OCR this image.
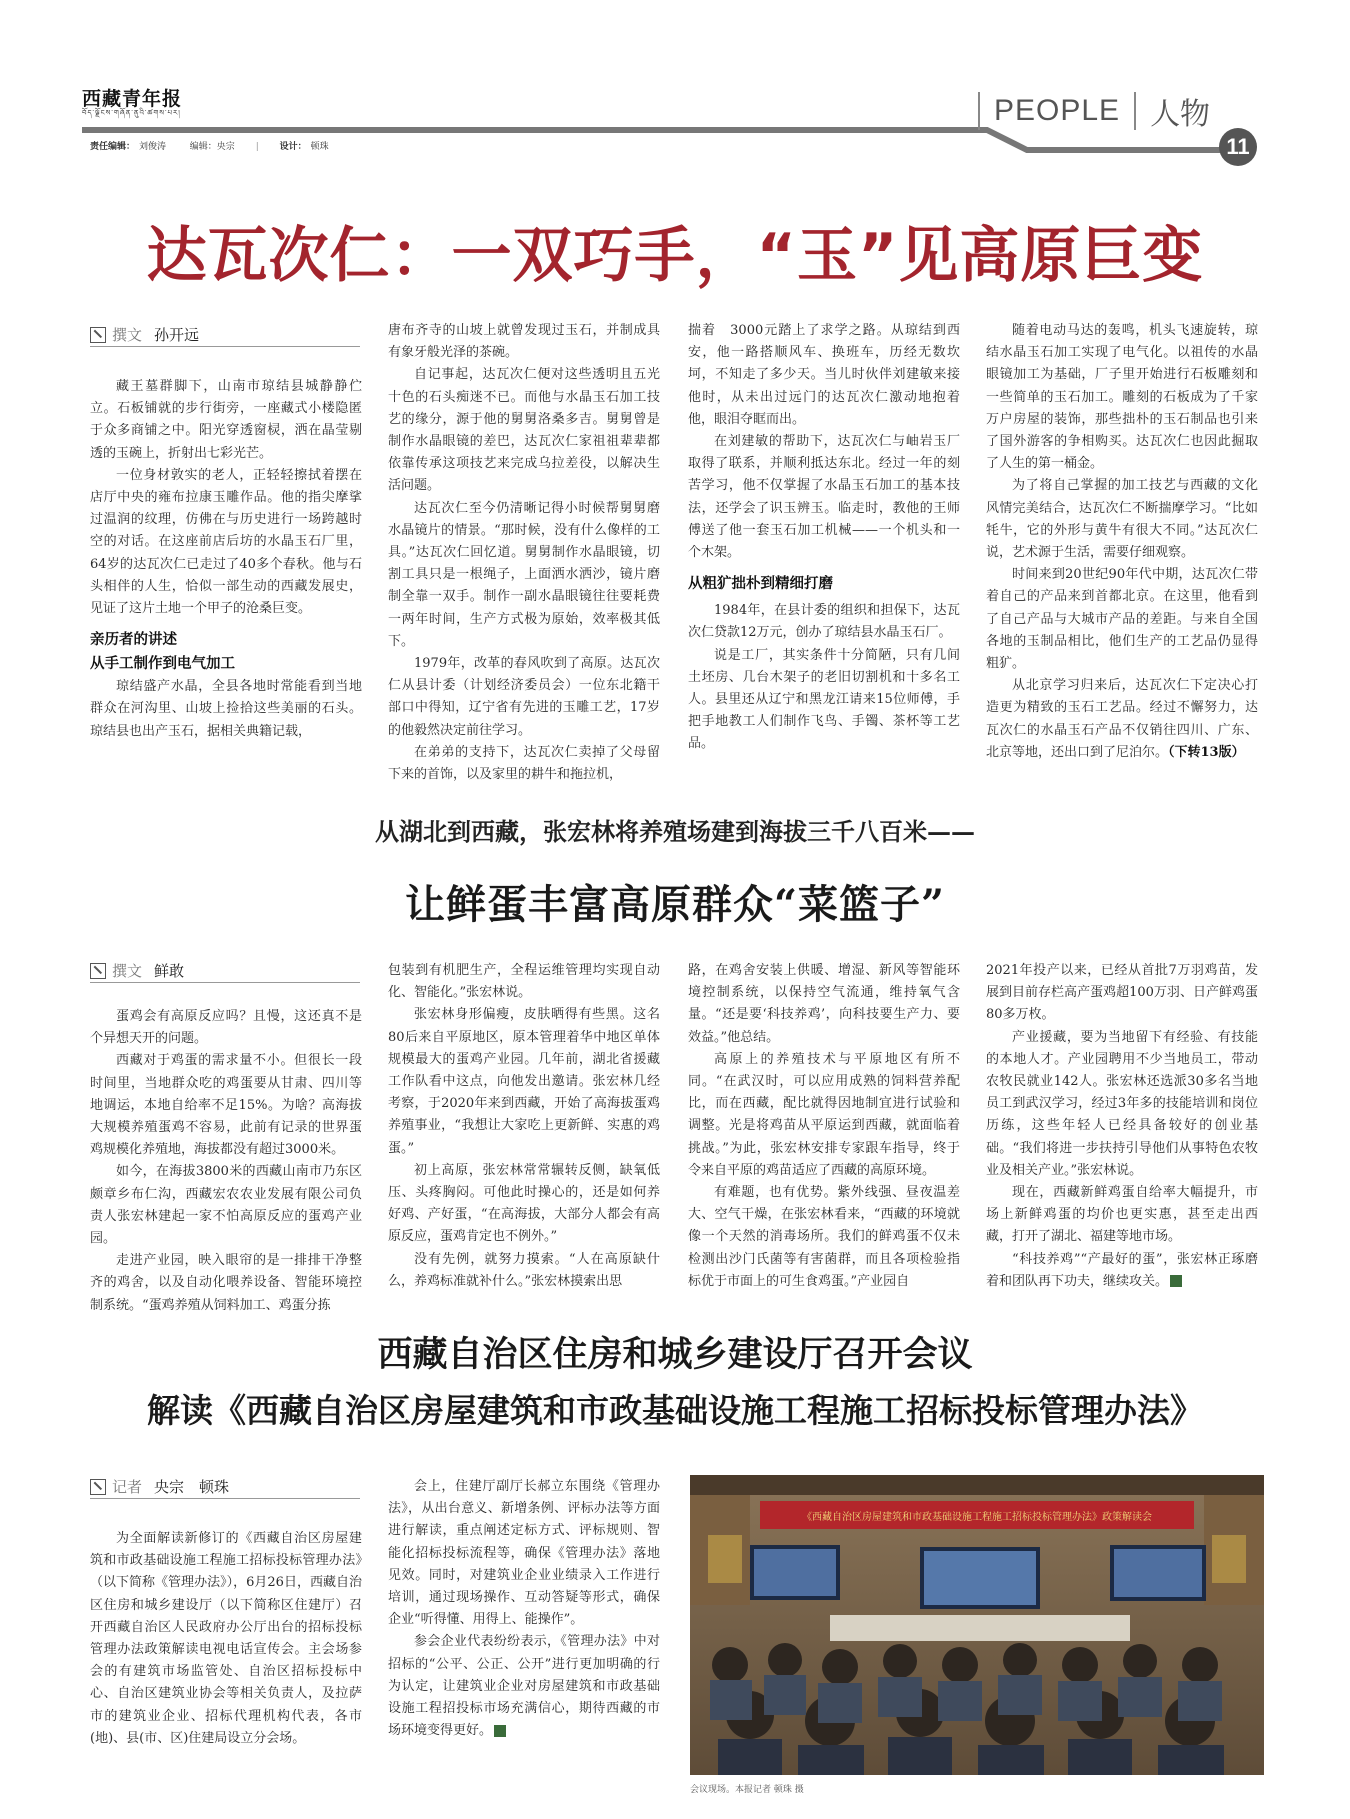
西藏青年报
བོད་ལྗོངས་གཞོན་ནུའི་ཚགས་པར།
责任编辑： 刘俊涛	编辑：央宗 | 设计： 顿珠
PEOPLE 人物
11
达瓦次仁：一双巧手，“玉”见高原巨变
撰文 孙开远

藏王墓群脚下，山南市琼结县城静静伫立。石板铺就的步行街旁，一座藏式小楼隐匿于众多商铺之中。阳光穿透窗棂，洒在晶莹剔透的玉碗上，折射出七彩光芒。

一位身材敦实的老人，正轻轻擦拭着摆在店厅中央的雍布拉康玉雕作品。他的指尖摩挲过温润的纹理，仿佛在与历史进行一场跨越时空的对话。在这座前店后坊的水晶玉石厂里，64岁的达瓦次仁已走过了40多个春秋。他与石头相伴的人生，恰似一部生动的西藏发展史，见证了这片土地一个甲子的沧桑巨变。

亲历者的讲述

从手工制作到电气加工

琼结盛产水晶，全县各地时常能看到当地群众在河沟里、山坡上捡拾这些美丽的石头。琼结县也出产玉石，据相关典籍记载，

唐布齐寺的山坡上就曾发现过玉石，并制成具有象牙般光泽的茶碗。

自记事起，达瓦次仁便对这些透明且五光十色的石头痴迷不已。而他与水晶玉石加工技艺的缘分，源于他的舅舅洛桑多吉。舅舅曾是制作水晶眼镜的差巴，达瓦次仁家祖祖辈辈都依靠传承这项技艺来完成乌拉差役，以解决生活问题。

达瓦次仁至今仍清晰记得小时候帮舅舅磨水晶镜片的情景。“那时候，没有什么像样的工具。”达瓦次仁回忆道。舅舅制作水晶眼镜，切割工具只是一根绳子，上面洒水洒沙，镜片磨制全靠一双手。制作一副水晶眼镜往往要耗费一两年时间，生产方式极为原始，效率极其低下。

1979年，改革的春风吹到了高原。达瓦次仁从县计委（计划经济委员会）一位东北籍干部口中得知，辽宁省有先进的玉雕工艺，17岁的他毅然决定前往学习。

在弟弟的支持下，达瓦次仁卖掉了父母留下来的首饰，以及家里的耕牛和拖拉机，

揣着　3000元踏上了求学之路。从琼结到西安，他一路搭顺风车、换班车，历经无数坎坷，不知走了多少天。当儿时伙伴刘建敏来接他时，从未出过远门的达瓦次仁激动地抱着他，眼泪夺眶而出。

在刘建敏的帮助下，达瓦次仁与岫岩玉厂取得了联系，并顺利抵达东北。经过一年的刻苦学习，他不仅掌握了水晶玉石加工的基本技法，还学会了识玉辨玉。临走时，教他的王师傅送了他一套玉石加工机械——一个机头和一个木架。

从粗犷拙朴到精细打磨

1984年，在县计委的组织和担保下，达瓦次仁贷款12万元，创办了琼结县水晶玉石厂。

说是工厂，其实条件十分简陋，只有几间土坯房、几台木架子的老旧切割机和十多名工人。县里还从辽宁和黑龙江请来15位师傅，手把手地教工人们制作飞鸟、手镯、茶杯等工艺品。

随着电动马达的轰鸣，机头飞速旋转，琼结水晶玉石加工实现了电气化。以祖传的水晶眼镜加工为基础，厂子里开始进行石板雕刻和一些简单的玉石加工。雕刻的石板成为了千家万户房屋的装饰，那些拙朴的玉石制品也引来了国外游客的争相购买。达瓦次仁也因此掘取了人生的第一桶金。

为了将自己掌握的加工技艺与西藏的文化风情完美结合，达瓦次仁不断揣摩学习。“比如牦牛，它的外形与黄牛有很大不同。”达瓦次仁说，艺术源于生活，需要仔细观察。

时间来到20世纪90年代中期，达瓦次仁带着自己的产品来到首都北京。在这里，他看到了自己产品与大城市产品的差距。与来自全国各地的玉制品相比，他们生产的工艺品仍显得粗犷。

从北京学习归来后，达瓦次仁下定决心打造更为精致的玉石工艺品。经过不懈努力，达瓦次仁的水晶玉石产品不仅销往四川、广东、北京等地，还出口到了尼泊尔。（下转13版）

从湖北到西藏，张宏林将养殖场建到海拔三千八百米——
让鲜蛋丰富高原群众“菜篮子”
撰文 鲜敢

蛋鸡会有高原反应吗？且慢，这还真不是个异想天开的问题。

西藏对于鸡蛋的需求量不小。但很长一段时间里，当地群众吃的鸡蛋要从甘肃、四川等地调运，本地自给率不足15%。为啥？高海拔大规模养殖蛋鸡不容易，此前有记录的世界蛋鸡规模化养殖地，海拔都没有超过3000米。

如今，在海拔3800米的西藏山南市乃东区颇章乡布仁沟，西藏宏农农业发展有限公司负责人张宏林建起一家不怕高原反应的蛋鸡产业园。

走进产业园，映入眼帘的是一排排干净整齐的鸡舍，以及自动化喂养设备、智能环境控制系统。“蛋鸡养殖从饲料加工、鸡蛋分拣

包装到有机肥生产，全程运维管理均实现自动化、智能化。”张宏林说。

张宏林身形偏瘦，皮肤晒得有些黑。这名80后来自平原地区，原本管理着华中地区单体规模最大的蛋鸡产业园。几年前，湖北省援藏工作队看中这点，向他发出邀请。张宏林几经考察，于2020年来到西藏，开始了高海拔蛋鸡养殖事业，“我想让大家吃上更新鲜、实惠的鸡蛋。”

初上高原，张宏林常常辗转反侧，缺氧低压、头疼胸闷。可他此时操心的，还是如何养好鸡、产好蛋，“在高海拔，大部分人都会有高原反应，蛋鸡肯定也不例外。”

没有先例，就努力摸索。“人在高原缺什么，养鸡标准就补什么。”张宏林摸索出思

路，在鸡舍安装上供暖、增湿、新风等智能环境控制系统，以保持空气流通，维持氧气含量。“还是要‘科技养鸡’，向科技要生产力、要效益。”他总结。

高原上的养殖技术与平原地区有所不同。“在武汉时，可以应用成熟的饲料营养配比，而在西藏，配比就得因地制宜进行试验和调整。光是将鸡苗从平原运到西藏，就面临着挑战。”为此，张宏林安排专家跟车指导，终于令来自平原的鸡苗适应了西藏的高原环境。

有难题，也有优势。紫外线强、昼夜温差大、空气干燥，在张宏林看来，“西藏的环境就像一个天然的消毒场所。我们的鲜鸡蛋不仅未检测出沙门氏菌等有害菌群，而且各项检验指标优于市面上的可生食鸡蛋。”产业园自

2021年投产以来，已经从首批7万羽鸡苗，发展到目前存栏高产蛋鸡超100万羽、日产鲜鸡蛋80多万枚。

产业援藏，要为当地留下有经验、有技能的本地人才。产业园聘用不少当地员工，带动农牧民就业142人。张宏林还选派30多名当地员工到武汉学习，经过3年多的技能培训和岗位历练，这些年轻人已经具备较好的创业基础。“我们将进一步扶持引导他们从事特色农牧业及相关产业。”张宏林说。

现在，西藏新鲜鸡蛋自给率大幅提升，市场上新鲜鸡蛋的均价也更实惠，甚至走出西藏，打开了湖北、福建等地市场。

“科技养鸡”“产最好的蛋”，张宏林正琢磨着和团队再下功夫，继续攻关。

西藏自治区住房和城乡建设厅召开会议
解读《西藏自治区房屋建筑和市政基础设施工程施工招标投标管理办法》
记者 央宗　顿珠

为全面解读新修订的《西藏自治区房屋建筑和市政基础设施工程施工招标投标管理办法》（以下简称《管理办法》），6月26日，西藏自治区住房和城乡建设厅（以下简称区住建厅）召开西藏自治区人民政府办公厅出台的招标投标管理办法政策解读电视电话宣传会。主会场参会的有建筑市场监管处、自治区招标投标中心、自治区建筑业协会等相关负责人，及拉萨市的建筑业企业、招标代理机构代表，各市(地)、县(市、区)住建局设立分会场。

会上，住建厅副厅长郝立东围绕《管理办法》，从出台意义、新增条例、评标办法等方面进行解读，重点阐述定标方式、评标规则、智能化招标投标流程等，确保《管理办法》落地见效。同时，对建筑业企业业绩录入工作进行培训，通过现场操作、互动答疑等形式，确保企业“听得懂、用得上、能操作”。

参会企业代表纷纷表示，《管理办法》中对招标的“公平、公正、公开”进行更加明确的行为认定，让建筑业企业对房屋建筑和市政基础设施工程招投标市场充满信心，期待西藏的市场环境变得更好。

《西藏自治区房屋建筑和市政基础设施工程施工招标投标管理办法》政策解读会
会议现场。本报记者 顿珠 摄
